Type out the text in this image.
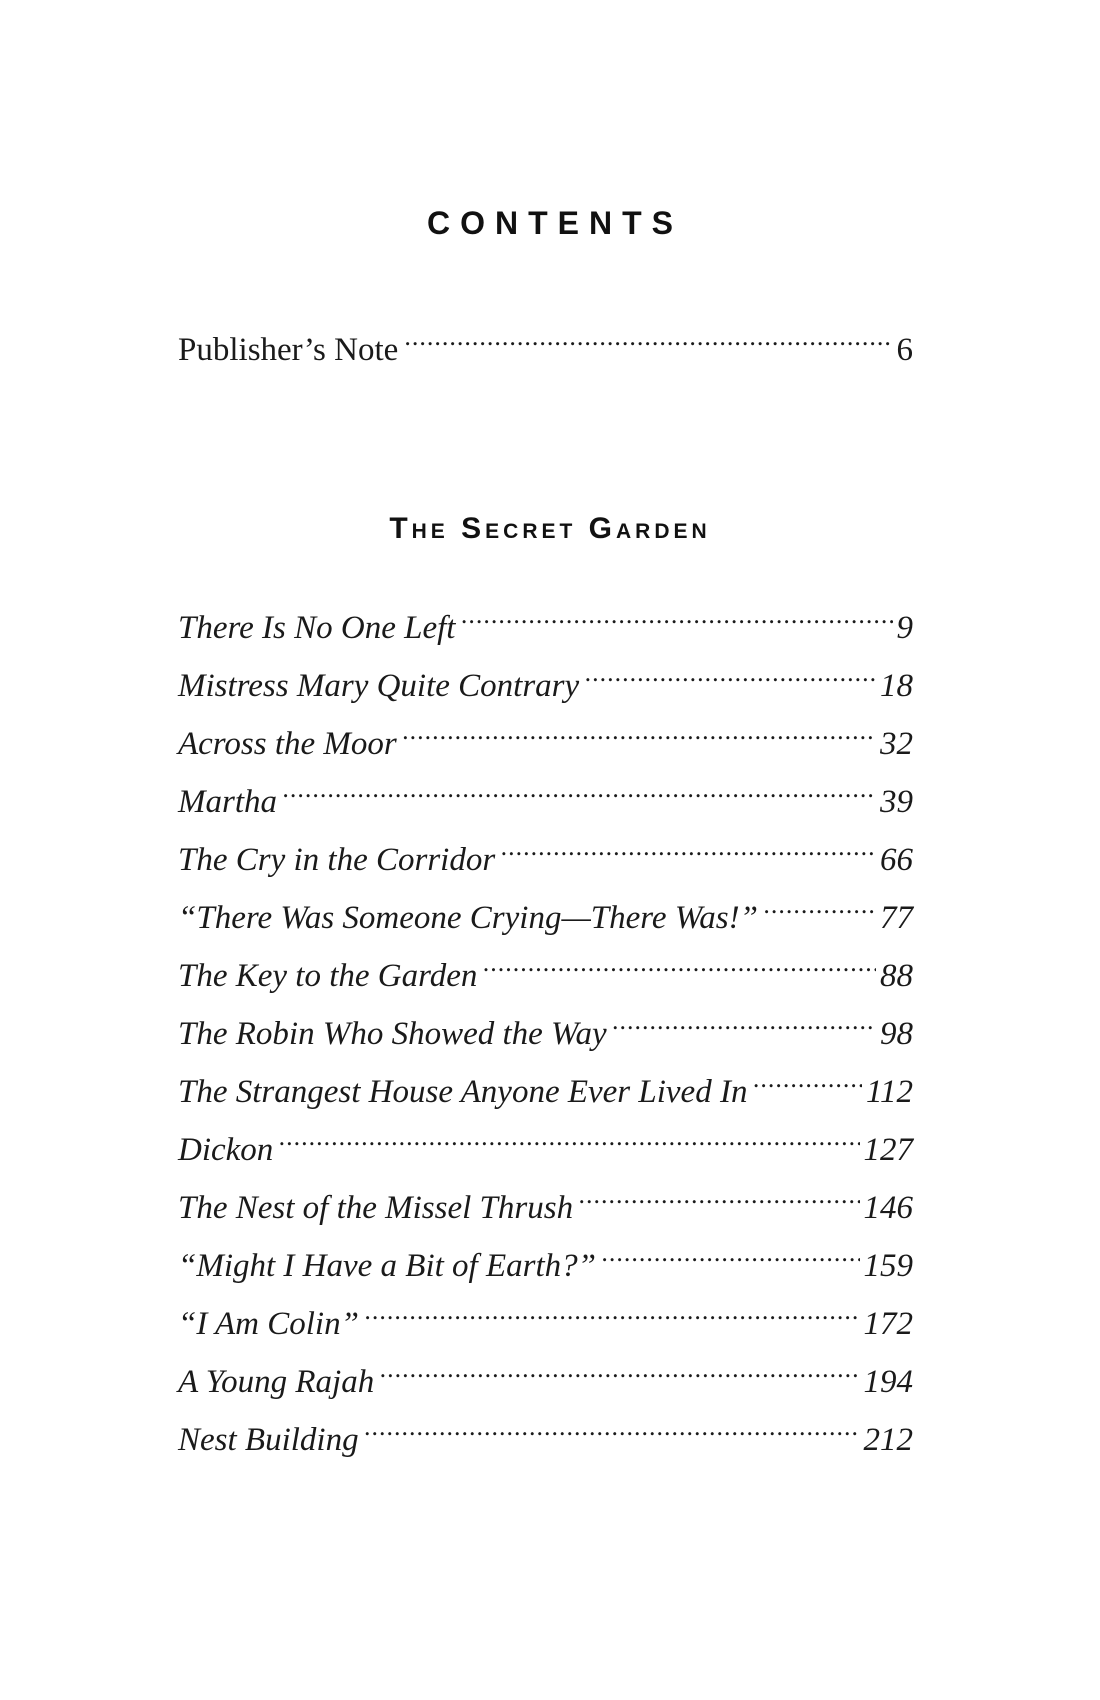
CONTENTS
Publisher’s Note .....	6
The Secret Garden
There Is No One Left .....	9
Mistress Mary Quite Contrary .....	18
Across the Moor .....	32
Martha .....	39
The Cry in the Corridor .....	66
“There Was Someone Crying—There Was!” .....	77
The Key to the Garden .....	88
The Robin Who Showed the Way .....	98
The Strangest House Anyone Ever Lived In .....	112
Dickon .....	127
The Nest of the Missel Thrush .....	146
“Might I Have a Bit of Earth?” .....	159
“I Am Colin” .....	172
A Young Rajah .....	194
Nest Building .....	212
